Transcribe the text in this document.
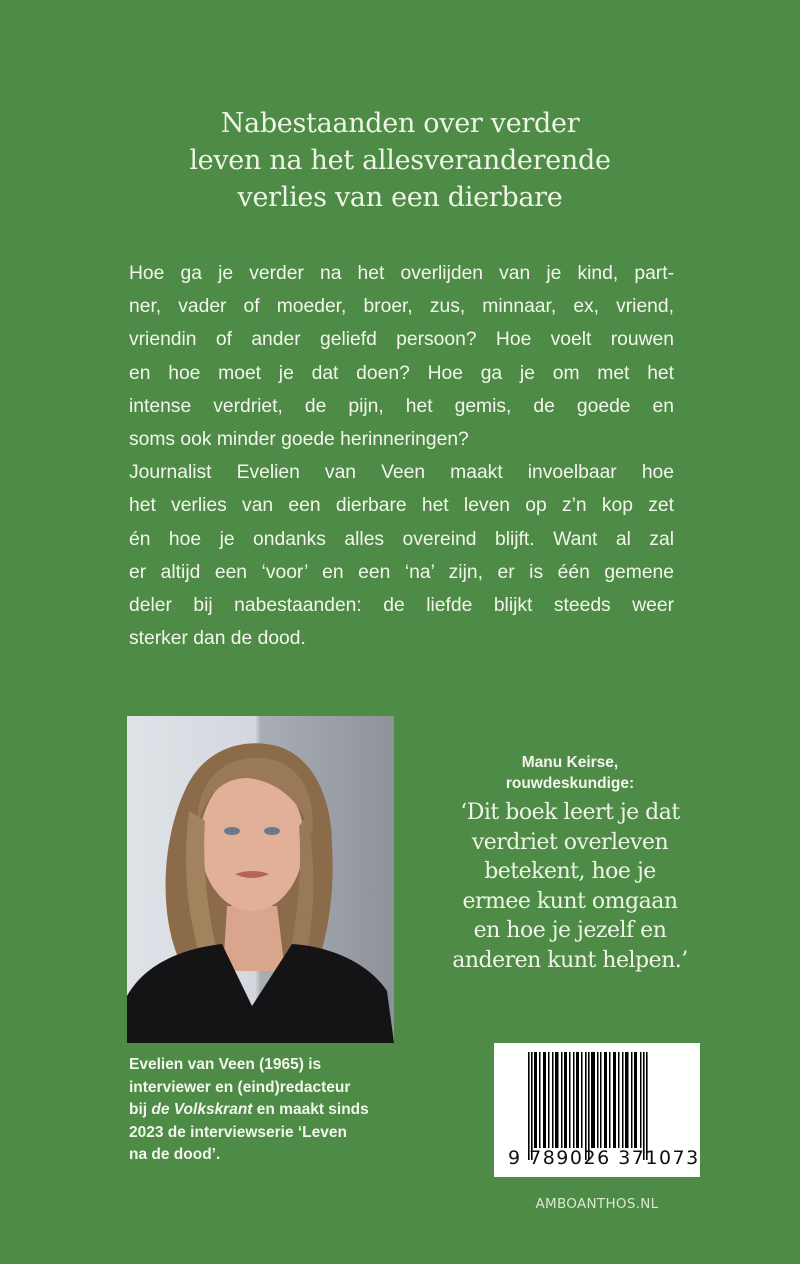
Nabestaanden over verder
leven na het allesveranderende
verlies van een dierbare
Hoe ga je verder na het overlijden van je kind, part-
ner, vader of moeder, broer, zus, minnaar, ex, vriend,
vriendin of ander geliefd persoon? Hoe voelt rouwen
en hoe moet je dat doen? Hoe ga je om met het
intense verdriet, de pijn, het gemis, de goede en
soms ook minder goede herinneringen?
Journalist Evelien van Veen maakt invoelbaar hoe
het verlies van een dierbare het leven op z’n kop zet
én hoe je ondanks alles overeind blijft. Want al zal
er altijd een ‘voor’ en een ‘na’ zijn, er is één gemene
deler bij nabestaanden: de liefde blijkt steeds weer
sterker dan de dood.
Manu Keirse,
rouwdeskundige:
‘Dit boek leert je dat
verdriet overleven
betekent, hoe je
ermee kunt omgaan
en hoe je jezelf en
anderen kunt helpen.’
Evelien van Veen (1965) is
interviewer en (eind)redacteur
bij de Volkskrant en maakt sinds
2023 de interviewserie ‘Leven
na de dood’.	9 789026 371073
AMBOANTHOS.NL
